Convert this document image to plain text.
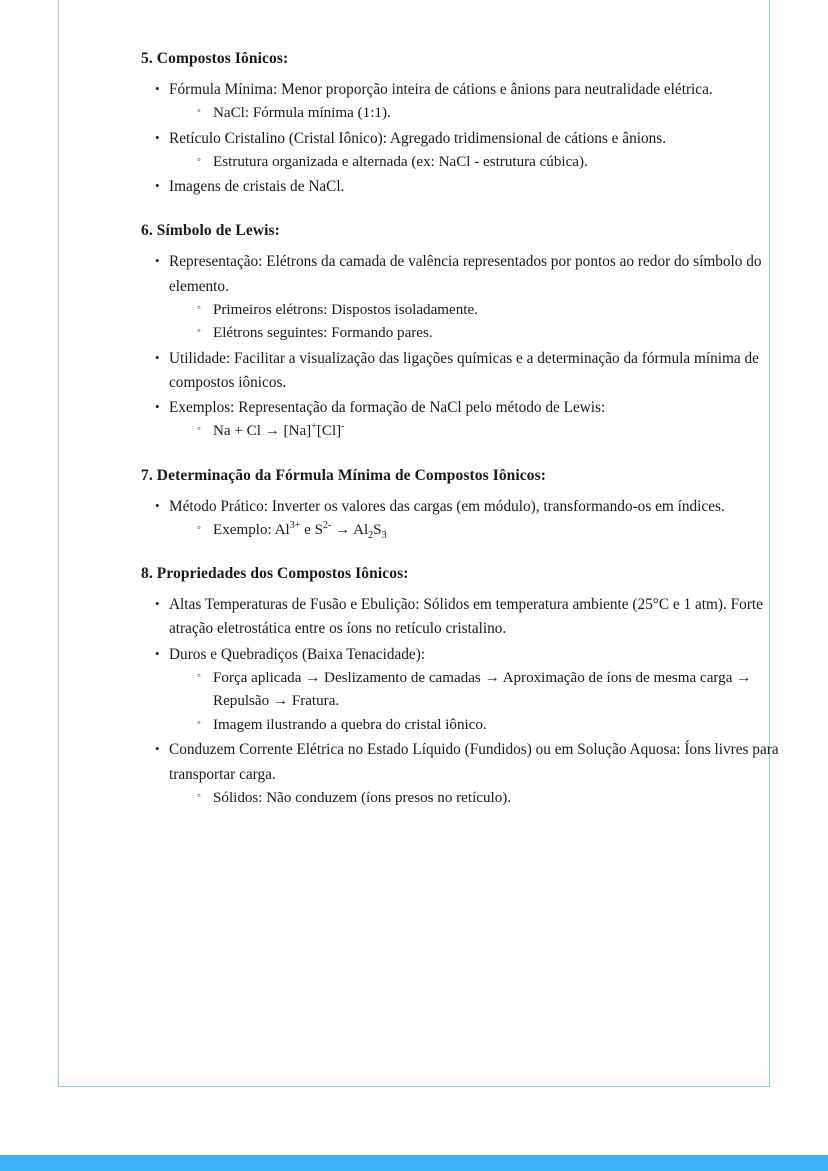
5. Compostos Iônicos:
• Fórmula Mínima: Menor proporção inteira de cátions e ânions para neutralidade elétrica.
◦ NaCl: Fórmula mínima (1:1).
• Retículo Cristalino (Cristal Iônico): Agregado tridimensional de cátions e ânions.
◦ Estrutura organizada e alternada (ex: NaCl - estrutura cúbica).
• Imagens de cristais de NaCl.
6. Símbolo de Lewis:
• Representação: Elétrons da camada de valência representados por pontos ao redor do símbolo do elemento.
◦ Primeiros elétrons: Dispostos isoladamente.
◦ Elétrons seguintes: Formando pares.
• Utilidade: Facilitar a visualização das ligações químicas e a determinação da fórmula mínima de compostos iônicos.
• Exemplos: Representação da formação de NaCl pelo método de Lewis:
◦ Na + Cl → [Na]+[Cl]-
7. Determinação da Fórmula Mínima de Compostos Iônicos:
• Método Prático: Inverter os valores das cargas (em módulo), transformando-os em índices.
◦ Exemplo: $Al^{3+}$ e $S^{2-} \to Al_2S_3$
8. Propriedades dos Compostos Iônicos:
• Altas Temperaturas de Fusão e Ebulição: Sólidos em temperatura ambiente (25°C e 1 atm). Forte atração eletrostática entre os íons no retículo cristalino.
• Duros e Quebradiços (Baixa Tenacidade):
◦ Força aplicada → Deslizamento de camadas → Aproximação de íons de mesma carga → Repulsão → Fratura.
◦ Imagem ilustrando a quebra do cristal iônico.
• Conduzem Corrente Elétrica no Estado Líquido (Fundidos) ou em Solução Aquosa: Íons livres para transportar carga.
◦ Sólidos: Não conduzem (íons presos no retículo).
